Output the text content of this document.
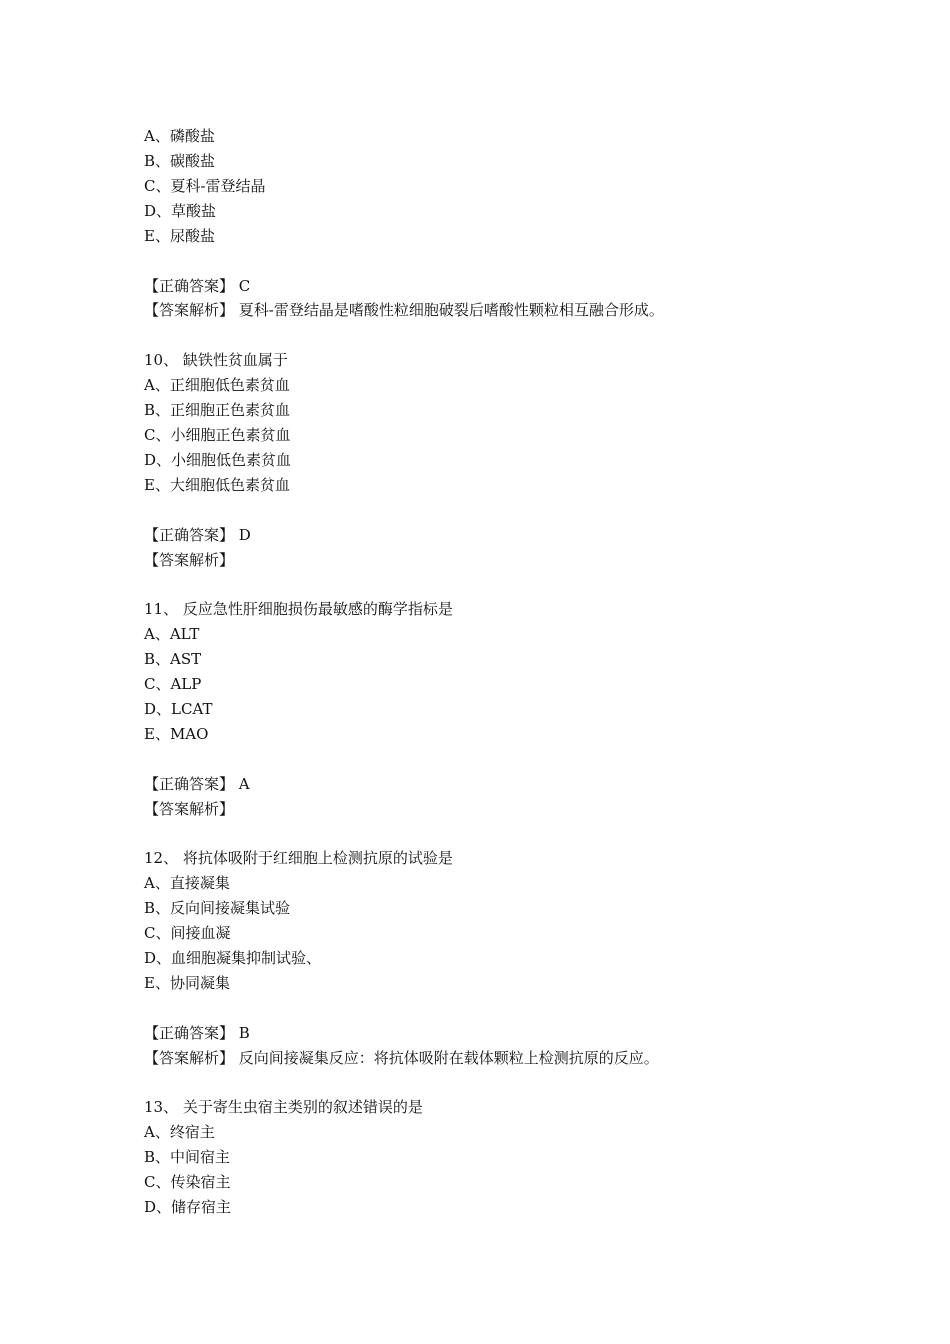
A、磷酸盐
B、碳酸盐
C、夏科-雷登结晶
D、草酸盐
E、尿酸盐
【正确答案】 C
【答案解析】 夏科-雷登结晶是嗜酸性粒细胞破裂后嗜酸性颗粒相互融合形成。
10、 缺铁性贫血属于
A、正细胞低色素贫血
B、正细胞正色素贫血
C、小细胞正色素贫血
D、小细胞低色素贫血
E、大细胞低色素贫血
【正确答案】 D
【答案解析】
11、 反应急性肝细胞损伤最敏感的酶学指标是
A、ALT
B、AST
C、ALP
D、LCAT
E、MAO
【正确答案】 A
【答案解析】
12、 将抗体吸附于红细胞上检测抗原的试验是
A、直接凝集
B、反向间接凝集试验
C、间接血凝
D、血细胞凝集抑制试验、
E、协同凝集
【正确答案】 B
【答案解析】 反向间接凝集反应：将抗体吸附在载体颗粒上检测抗原的反应。
13、 关于寄生虫宿主类别的叙述错误的是
A、终宿主
B、中间宿主
C、传染宿主
D、储存宿主
